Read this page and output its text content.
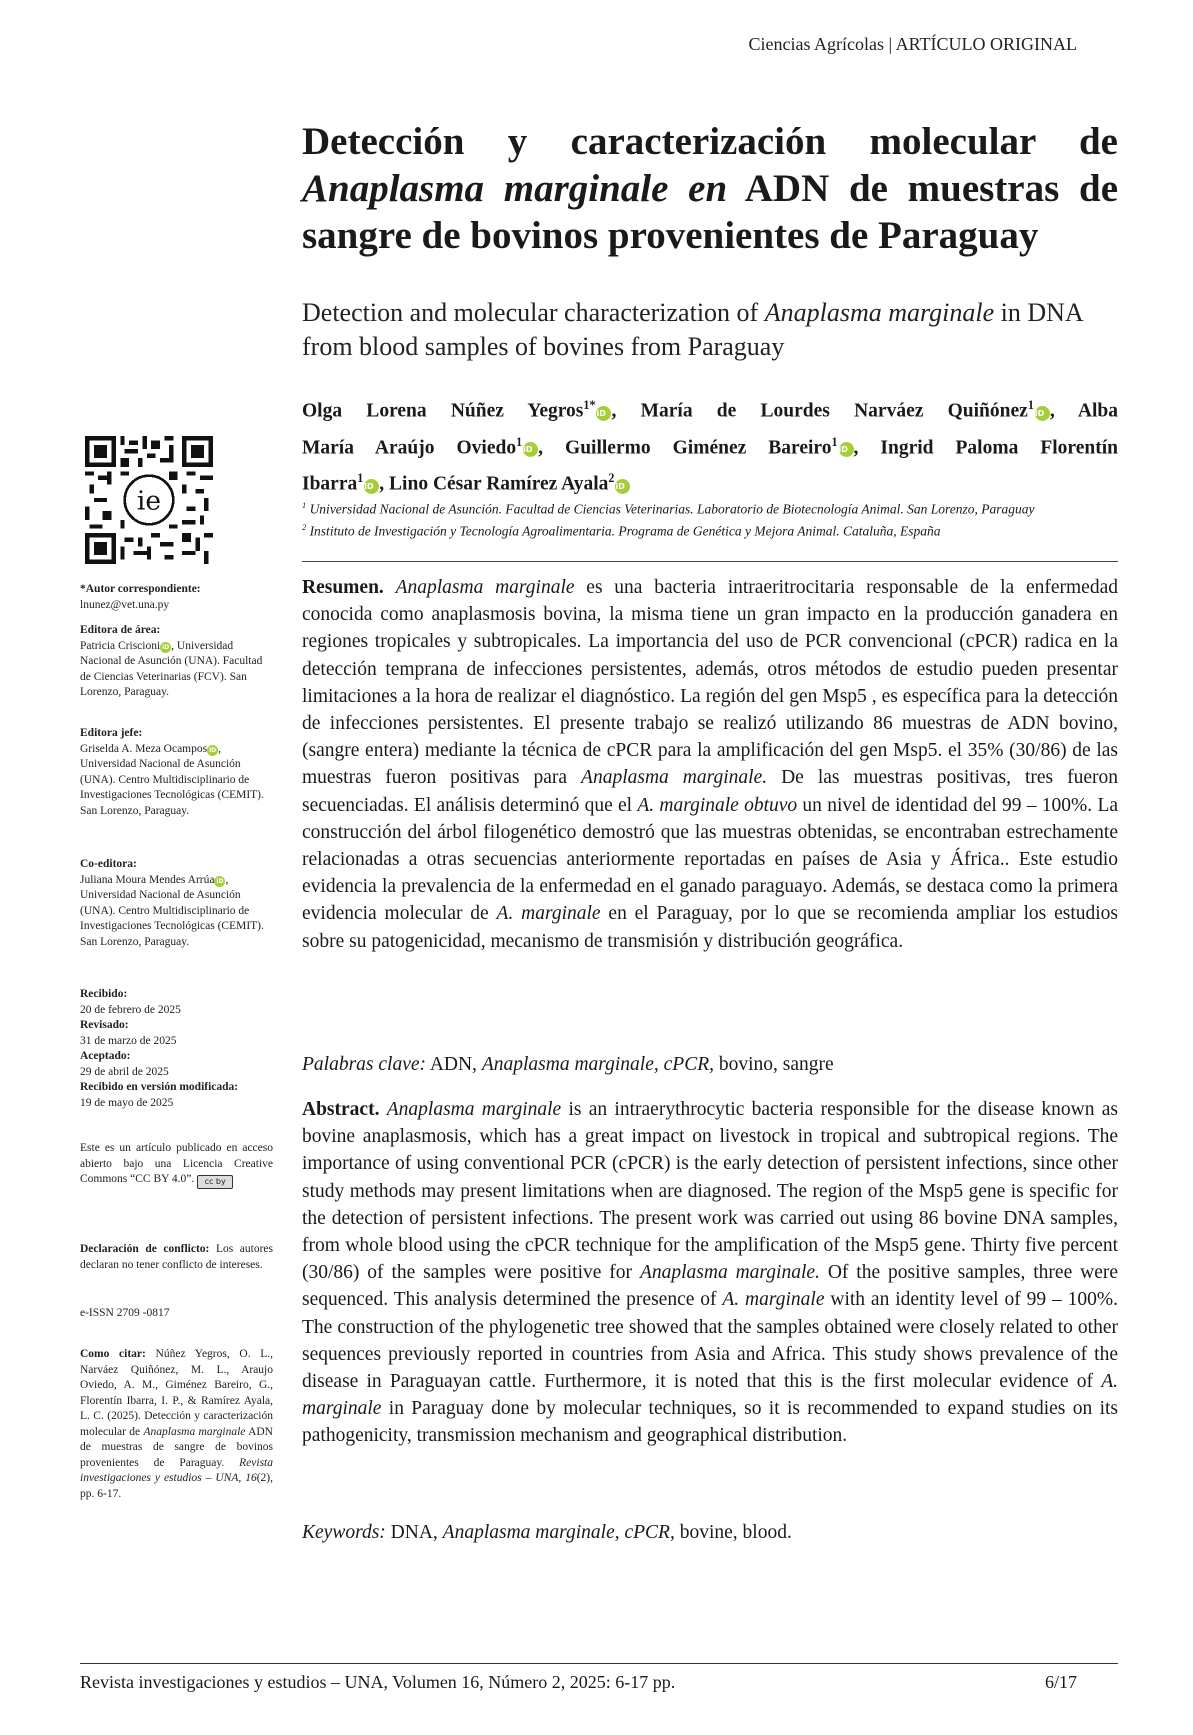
Ciencias Agrícolas | ARTÍCULO ORIGINAL
Detección y caracterización molecular de
Anaplasma marginale en ADN de muestras de
sangre de bovinos provenientes de Paraguay
Detection and molecular characterization of Anaplasma marginale in DNA from blood samples of bovines from Paraguay
Olga Lorena Núñez Yegros$^{1*}$iD , María de Lourdes Narváez Quiñónez$^1$iD , Alba
María Araújo Oviedo$^1$iD , Guillermo Giménez Bareiro$^1$iD , Ingrid Paloma Florentín
Ibarra$^1$iD , Lino César Ramírez Ayala$^2$iD
$^1$ Universidad Nacional de Asunción. Facultad de Ciencias Veterinarias. Laboratorio de Biotecnología Animal. San Lorenzo, Paraguay
$^2$ Instituto de Investigación y Tecnología Agroalimentaria. Programa de Genética y Mejora Animal. Cataluña, España
Resumen. Anaplasma marginale es una bacteria intraeritrocitaria responsable de la enfermedad conocida como anaplasmosis bovina, la misma tiene un gran impacto en la producción ganadera en regiones tropicales y subtropicales. La importancia del uso de PCR convencional (cPCR) radica en la detección temprana de infecciones persistentes, además, otros métodos de estudio pueden presentar limitaciones a la hora de realizar el diagnóstico. La región del gen Msp5 , es específica para la detección de infecciones persistentes. El presente trabajo se realizó utilizando 86 muestras de ADN bovino, (sangre entera) mediante la técnica de cPCR para la amplificación del gen Msp5. el 35% (30/86) de las muestras fueron positivas para Anaplasma marginale. De las muestras positivas, tres fueron secuenciadas. El análisis determinó que el A. marginale obtuvo un nivel de identidad del 99 – 100%. La construcción del árbol filogenético demostró que las muestras obtenidas, se encontraban estrechamente relacionadas a otras secuencias anteriormente reportadas en países de Asia y África.. Este estudio evidencia la prevalencia de la enfermedad en el ganado paraguayo. Además, se destaca como la primera evidencia molecular de A. marginale en el Paraguay, por lo que se recomienda ampliar los estudios sobre su patogenicidad, mecanismo de transmisión y distribución geográfica.
Palabras clave: ADN, Anaplasma marginale, cPCR, bovino, sangre
Abstract. Anaplasma marginale is an intraerythrocytic bacteria responsible for the disease known as bovine anaplasmosis, which has a great impact on livestock in tropical and subtropical regions. The importance of using conventional PCR (cPCR) is the early detection of persistent infections, since other study methods may present limitations when are diagnosed. The region of the Msp5 gene is specific for the detection of persistent infections. The present work was carried out using 86 bovine DNA samples, from whole blood using the cPCR technique for the amplification of the Msp5 gene. Thirty five percent (30/86) of the samples were positive for Anaplasma marginale. Of the positive samples, three were sequenced. This analysis determined the presence of A. marginale with an identity level of 99 – 100%. The construction of the phylogenetic tree showed that the samples obtained were closely related to other sequences previously reported in countries from Asia and Africa. This study shows prevalence of the disease in Paraguayan cattle. Furthermore, it is noted that this is the first molecular evidence of A. marginale in Paraguay done by molecular techniques, so it is recommended to expand studies on its pathogenicity, transmission mechanism and geographical distribution.
Keywords: DNA, Anaplasma marginale, cPCR, bovine, blood.
ie
*Autor correspondiente:
lnunez@vet.una.py
Editora de área:
Patricia Criscioni iD , Universidad Nacional de Asunción (UNA). Facultad de Ciencias Veterinarias (FCV). San Lorenzo, Paraguay.
Editora jefe:
Griselda A. Meza Ocampos iD , Universidad Nacional de Asunción (UNA). Centro Multidisciplinario de Investigaciones Tecnológicas (CEMIT). San Lorenzo, Paraguay.
Co-editora:
Juliana Moura Mendes Arrúa iD , Universidad Nacional de Asunción (UNA). Centro Multidisciplinario de Investigaciones Tecnológicas (CEMIT). San Lorenzo, Paraguay.
Recibido:
20 de febrero de 2025
Revisado:
31 de marzo de 2025
Aceptado:
29 de abril de 2025
Recibido en versión modificada:
19 de mayo de 2025
Este es un artículo publicado en acceso abierto bajo una Licencia Creative Commons “CC BY 4.0”. cc by
Declaración de conflicto: Los autores declaran no tener conflicto de intereses.
e-ISSN 2709 -0817
Como citar: Núñez Yegros, O. L., Narváez Quiñónez, M. L., Araujo Oviedo, A. M., Giménez Bareiro, G., Florentín Ibarra, I. P., & Ramírez Ayala, L. C. (2025). Detección y caracterización molecular de Anaplasma marginale ADN de muestras de sangre de bovinos provenientes de Paraguay. Revista investigaciones y estudios – UNA, 16(2), pp. 6-17.
Revista investigaciones y estudios – UNA, Volumen 16, Número 2, 2025: 6-17 pp.	6/17
